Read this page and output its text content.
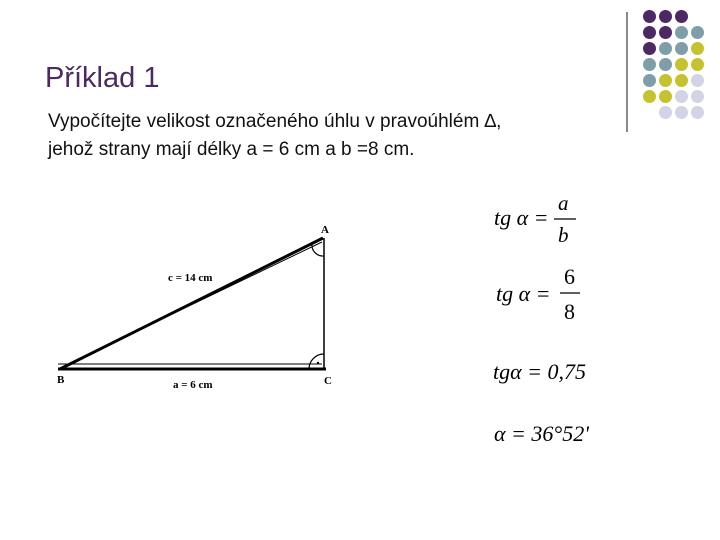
Příklad 1
Vypočítejte velikost označeného úhlu v pravoúhlém ∆,
jehož strany mají délky a = 6 cm a b =8 cm.
A
B	C
c = 14 cm
a = 6 cm
tg α =
a
b
tg α =
6
8
tgα = 0,75
α = 36°52'
